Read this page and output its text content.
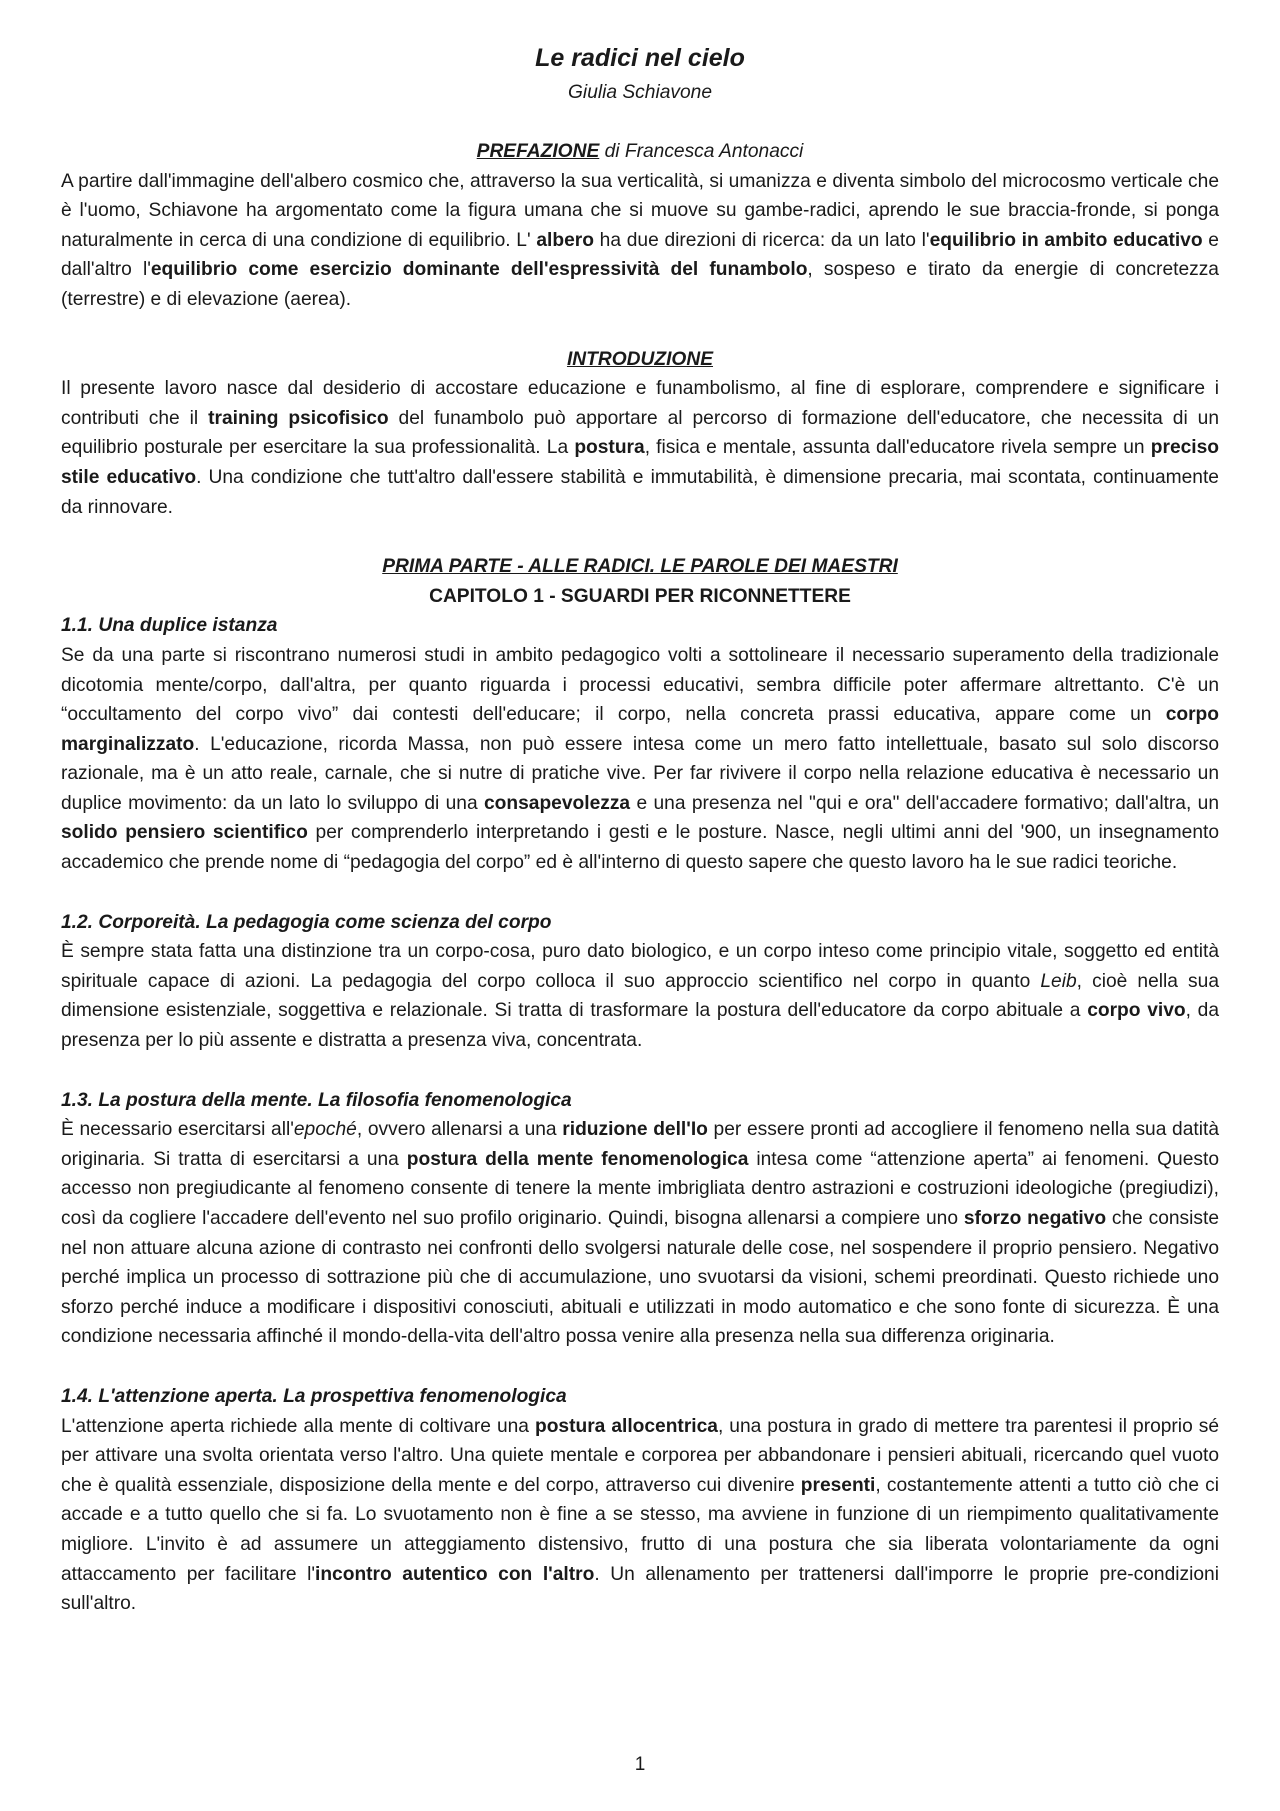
Le radici nel cielo
Giulia Schiavone
PREFAZIONE di Francesca Antonacci

A partire dall'immagine dell'albero cosmico che, attraverso la sua verticalità, si umanizza e diventa simbolo del microcosmo verticale che è l'uomo, Schiavone ha argomentato come la figura umana che si muove su gambe-radici, aprendo le sue braccia-fronde, si ponga naturalmente in cerca di una condizione di equilibrio. L' albero ha due direzioni di ricerca: da un lato l'equilibrio in ambito educativo e dall'altro l'equilibrio come esercizio dominante dell'espressività del funambolo, sospeso e tirato da energie di concretezza (terrestre) e di elevazione (aerea).

INTRODUZIONE

Il presente lavoro nasce dal desiderio di accostare educazione e funambolismo, al fine di esplorare, comprendere e significare i contributi che il training psicofisico del funambolo può apportare al percorso di formazione dell'educatore, che necessita di un equilibrio posturale per esercitare la sua professionalità. La postura, fisica e mentale, assunta dall'educatore rivela sempre un preciso stile educativo. Una condizione che tutt'altro dall'essere stabilità e immutabilità, è dimensione precaria, mai scontata, continuamente da rinnovare.

PRIMA PARTE - ALLE RADICI. LE PAROLE DEI MAESTRI
CAPITOLO 1 - SGUARDI PER RICONNETTERE
1.1. Una duplice istanza

Se da una parte si riscontrano numerosi studi in ambito pedagogico volti a sottolineare il necessario superamento della tradizionale dicotomia mente/corpo, dall'altra, per quanto riguarda i processi educativi, sembra difficile poter affermare altrettanto. C'è un “occultamento del corpo vivo” dai contesti dell'educare; il corpo, nella concreta prassi educativa, appare come un corpo marginalizzato. L'educazione, ricorda Massa, non può essere intesa come un mero fatto intellettuale, basato sul solo discorso razionale, ma è un atto reale, carnale, che si nutre di pratiche vive. Per far rivivere il corpo nella relazione educativa è necessario un duplice movimento: da un lato lo sviluppo di una consapevolezza e una presenza nel "qui e ora" dell'accadere formativo; dall'altra, un solido pensiero scientifico per comprenderlo interpretando i gesti e le posture. Nasce, negli ultimi anni del '900, un insegnamento accademico che prende nome di “pedagogia del corpo” ed è all'interno di questo sapere che questo lavoro ha le sue radici teoriche.

1.2. Corporeità. La pedagogia come scienza del corpo

È sempre stata fatta una distinzione tra un corpo-cosa, puro dato biologico, e un corpo inteso come principio vitale, soggetto ed entità spirituale capace di azioni. La pedagogia del corpo colloca il suo approccio scientifico nel corpo in quanto Leib, cioè nella sua dimensione esistenziale, soggettiva e relazionale. Si tratta di trasformare la postura dell'educatore da corpo abituale a corpo vivo, da presenza per lo più assente e distratta a presenza viva, concentrata.

1.3. La postura della mente. La filosofia fenomenologica

È necessario esercitarsi all'epoché, ovvero allenarsi a una riduzione dell'Io per essere pronti ad accogliere il fenomeno nella sua datità originaria. Si tratta di esercitarsi a una postura della mente fenomenologica intesa come “attenzione aperta” ai fenomeni. Questo accesso non pregiudicante al fenomeno consente di tenere la mente imbrigliata dentro astrazioni e costruzioni ideologiche (pregiudizi), così da cogliere l'accadere dell'evento nel suo profilo originario. Quindi, bisogna allenarsi a compiere uno sforzo negativo che consiste nel non attuare alcuna azione di contrasto nei confronti dello svolgersi naturale delle cose, nel sospendere il proprio pensiero. Negativo perché implica un processo di sottrazione più che di accumulazione, uno svuotarsi da visioni, schemi preordinati. Questo richiede uno sforzo perché induce a modificare i dispositivi conosciuti, abituali e utilizzati in modo automatico e che sono fonte di sicurezza. È una condizione necessaria affinché il mondo-della-vita dell'altro possa venire alla presenza nella sua differenza originaria.

1.4. L'attenzione aperta. La prospettiva fenomenologica

L'attenzione aperta richiede alla mente di coltivare una postura allocentrica, una postura in grado di mettere tra parentesi il proprio sé per attivare una svolta orientata verso l'altro. Una quiete mentale e corporea per abbandonare i pensieri abituali, ricercando quel vuoto che è qualità essenziale, disposizione della mente e del corpo, attraverso cui divenire presenti, costantemente attenti a tutto ciò che ci accade e a tutto quello che si fa. Lo svuotamento non è fine a se stesso, ma avviene in funzione di un riempimento qualitativamente migliore. L'invito è ad assumere un atteggiamento distensivo, frutto di una postura che sia liberata volontariamente da ogni attaccamento per facilitare l'incontro autentico con l'altro. Un allenamento per trattenersi dall'imporre le proprie pre-condizioni sull'altro.

1
